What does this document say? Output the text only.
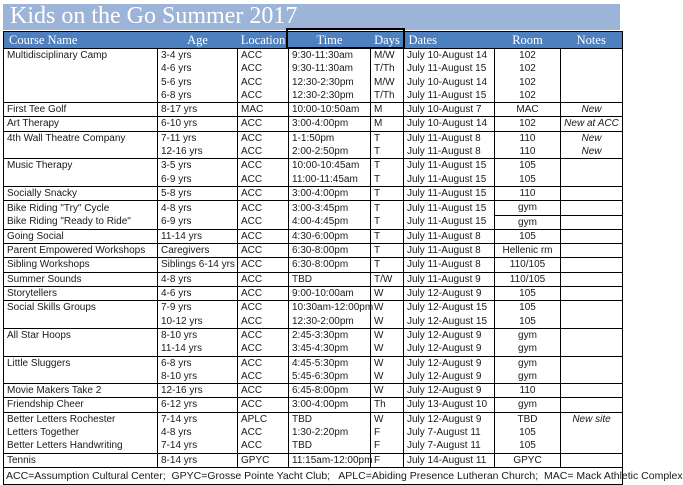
Kids on the Go Summer 2017
Course Name	Age	Location	Time	Days	Dates	Room	Notes
Multidisciplinary Camp	3-4 yrs	ACC	9:30-11:30am	M/W	July 10-August 14	102	
	4-6 yrs	ACC	9:30-11:30am	T/Th	July 11-August 15	102	
	5-6 yrs	ACC	12:30-2:30pm	M/W	July 10-August 14	102	
	6-8 yrs	ACC	12:30-2:30pm	T/Th	July 11-August 15	102	
First Tee Golf	8-17 yrs	MAC	10:00-10:50am	M	July 10-August 7	MAC	New
Art Therapy	6-10 yrs	ACC	3:00-4:00pm	M	July 10-August 14	102	New at ACC
4th Wall Theatre Company	7-11 yrs	ACC	1-1:50pm	T	July 11-August 8	110	New
	12-16 yrs	ACC	2:00-2:50pm	T	July 11-August 8	110	New
Music Therapy	3-5 yrs	ACC	10:00-10:45am	T	July 11-August 15	105	
	6-9 yrs	ACC	11:00-11:45am	T	July 11-August 15	105	
Socially Snacky	5-8 yrs	ACC	3:00-4:00pm	T	July 11-August 15	110	
Bike Riding "Try" Cycle	4-8 yrs	ACC	3:00-3:45pm	T	July 11-August 15	gym	
Bike Riding "Ready to Ride"	6-9 yrs	ACC	4:00-4:45pm	T	July 11-August 15	gym	
Going Social	11-14 yrs	ACC	4:30-6:00pm	T	July 11-August 8	105	
Parent Empowered Workshops	Caregivers	ACC	6:30-8:00pm	T	July 11-August 8	Hellenic rm	
Sibling Workshops	Siblings 6-14 yrs	ACC	6:30-8:00pm	T	July 11-August 8	110/105	
Summer Sounds	4-8 yrs	ACC	TBD	T/W	July 11-August 9	110/105	
Storytellers	4-6 yrs	ACC	9:00-10:00am	W	July 12-August 9	105	
Social Skills Groups	7-9 yrs	ACC	10:30am-12:00pm	W	July 12-August 15	105	
	10-12 yrs	ACC	12:30-2:00pm	W	July 12-August 15	105	
All Star Hoops	8-10 yrs	ACC	2:45-3:30pm	W	July 12-August 9	gym	
	11-14 yrs	ACC	3:45-4:30pm	W	July 12-August 9	gym	
Little Sluggers	6-8 yrs	ACC	4:45-5:30pm	W	July 12-August 9	gym	
	8-10 yrs	ACC	5:45-6:30pm	W	July 12-August 9	gym	
Movie Makers Take 2	12-16 yrs	ACC	6:45-8:00pm	W	July 12-August 9	110	
Friendship Cheer	6-12 yrs	ACC	3:00-4:00pm	Th	July 13-August 10	gym	
Better Letters Rochester	7-14 yrs	APLC	TBD	W	July 12-August 9	TBD	New site
Letters Together	4-8 yrs	ACC	1:30-2:20pm	F	July 7-August 11	105	
Better Letters Handwriting	7-14 yrs	ACC	TBD	F	July 7-August 11	105	
Tennis	8-14 yrs	GPYC	11:15am-12:00pm	F	July 14-August 11	GPYC	
ACC=Assumption Cultural Center;  GPYC=Grosse Pointe Yacht Club;   APLC=Abiding Presence Lutheran Church;  MAC= Mack Athletic Complex							
